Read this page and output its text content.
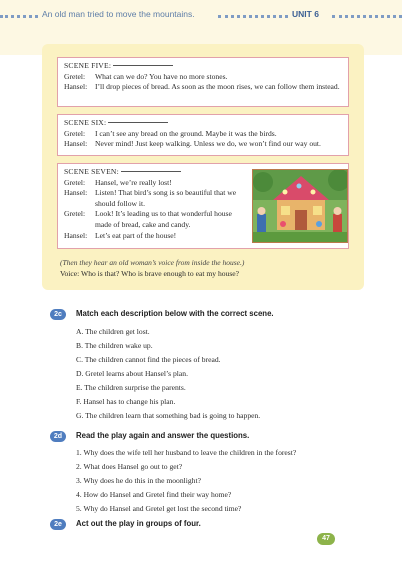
An old man tried to move the mountains.	UNIT 6
SCENE FIVE:
Gretel:	What can we do? You have no more stones.
Hansel:	I’ll drop pieces of bread. As soon as the moon rises, we can follow them instead.
SCENE SIX:
Gretel:	I can’t see any bread on the ground. Maybe it was the birds.
Hansel:	Never mind! Just keep walking. Unless we do, we won’t find our way out.
SCENE SEVEN:
Gretel:	Hansel, we’re really lost!
Hansel:	Listen! That bird’s song is so beautiful that we should follow it.
Gretel:	Look! It’s leading us to that wonderful house made of bread, cake and candy.
Hansel:	Let’s eat part of the house!
(Then they hear an old woman’s voice from inside the house.)
Voice: Who is that? Who is brave enough to eat my house?
2c	Match each description below with the correct scene.
A. The children get lost.
B. The children wake up.
C. The children cannot find the pieces of bread.
D. Gretel learns about Hansel’s plan.
E. The children surprise the parents.
F. Hansel has to change his plan.
G. The children learn that something bad is going to happen.
2d	Read the play again and answer the questions.
1. Why does the wife tell her husband to leave the children in the forest?
2. What does Hansel go out to get?
3. Why does he do this in the moonlight?
4. How do Hansel and Gretel find their way home?
5. Why do Hansel and Gretel get lost the second time?
2e	Act out the play in groups of four.
47
